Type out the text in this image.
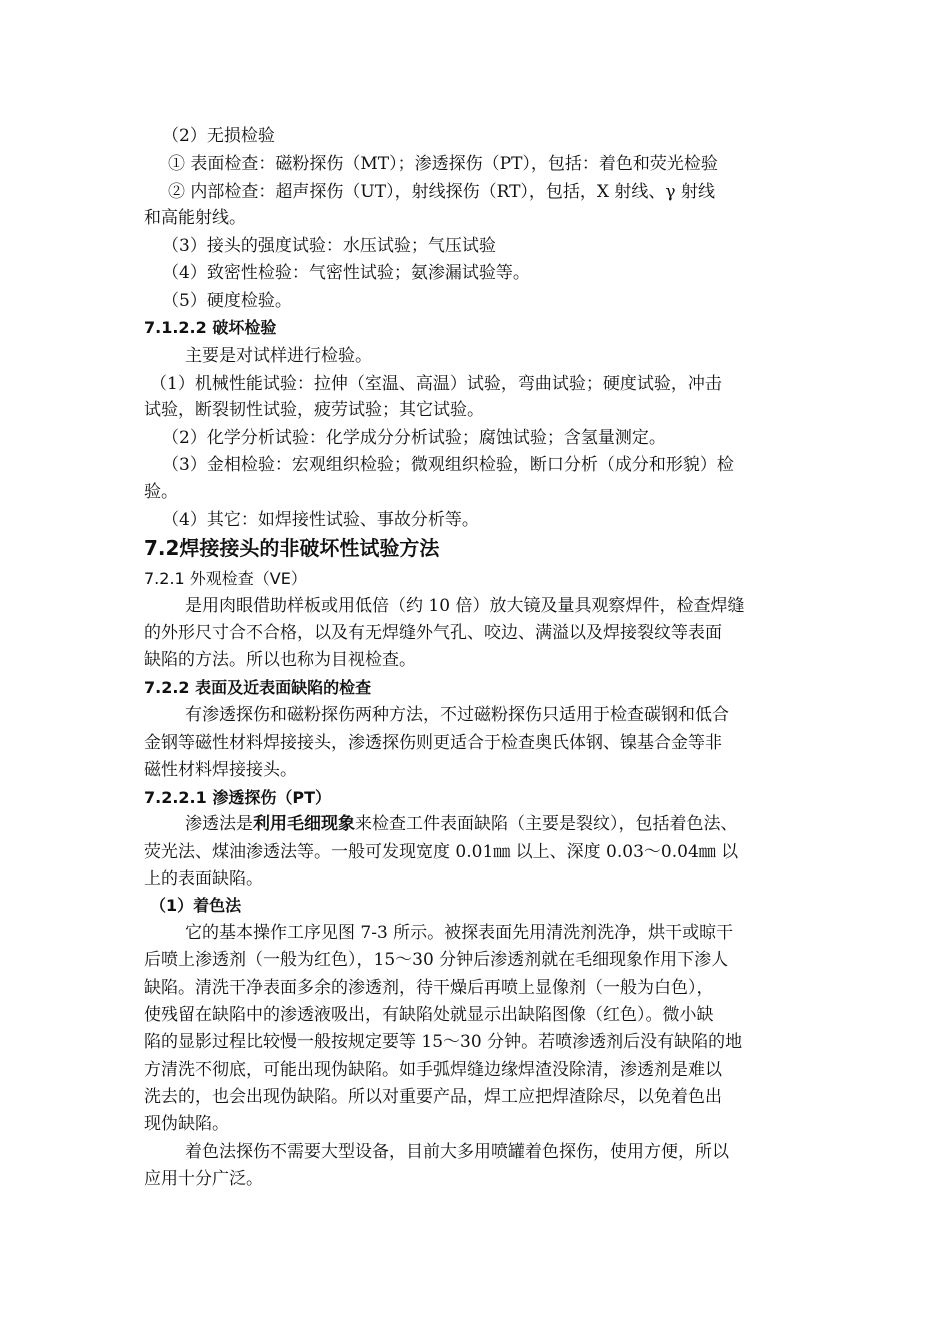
（2）无损检验
① 表面检查：磁粉探伤（MT）；渗透探伤（PT），包括：着色和荧光检验
② 内部检查：超声探伤（UT），射线探伤（RT），包括，X 射线、γ 射线
和高能射线。
（3）接头的强度试验：水压试验；气压试验
（4）致密性检验：气密性试验；氨渗漏试验等。
（5）硬度检验。
7.1.2.2 破坏检验
主要是对试样进行检验。
（1）机械性能试验：拉伸（室温、高温）试验，弯曲试验；硬度试验，冲击
试验，断裂韧性试验，疲劳试验；其它试验。
（2）化学分析试验：化学成分分析试验；腐蚀试验；含氢量测定。
（3）金相检验：宏观组织检验；微观组织检验，断口分析（成分和形貌）检
验。
（4）其它：如焊接性试验、事故分析等。
7.2焊接接头的非破坏性试验方法
7.2.1 外观检查（VE）
是用肉眼借助样板或用低倍（约 10 倍）放大镜及量具观察焊件，检查焊缝
的外形尺寸合不合格，以及有无焊缝外气孔、咬边、满溢以及焊接裂纹等表面
缺陷的方法。所以也称为目视检查。
7.2.2 表面及近表面缺陷的检查
有渗透探伤和磁粉探伤两种方法，不过磁粉探伤只适用于检查碳钢和低合
金钢等磁性材料焊接接头，渗透探伤则更适合于检查奥氏体钢、镍基合金等非
磁性材料焊接接头。
7.2.2.1 渗透探伤（PT）
渗透法是利用毛细现象来检查工件表面缺陷（主要是裂纹），包括着色法、
荧光法、煤油渗透法等。一般可发现宽度 0.01㎜ 以上、深度 0.03～0.04㎜ 以
上的表面缺陷。
（1）着色法
它的基本操作工序见图 7-3 所示。被探表面先用清洗剂洗净，烘干或晾干
后喷上渗透剂（一般为红色），15～30 分钟后渗透剂就在毛细现象作用下渗人
缺陷。清洗干净表面多余的渗透剂，待干燥后再喷上显像剂（一般为白色），
使残留在缺陷中的渗透液吸出，有缺陷处就显示出缺陷图像（红色）。微小缺
陷的显影过程比较慢一般按规定要等 15～30 分钟。若喷渗透剂后没有缺陷的地
方清洗不彻底，可能出现伪缺陷。如手弧焊缝边缘焊渣没除清，渗透剂是难以
洗去的，也会出现伪缺陷。所以对重要产品，焊工应把焊渣除尽，以免着色出
现伪缺陷。
着色法探伤不需要大型设备，目前大多用喷罐着色探伤，使用方便，所以
应用十分广泛。
